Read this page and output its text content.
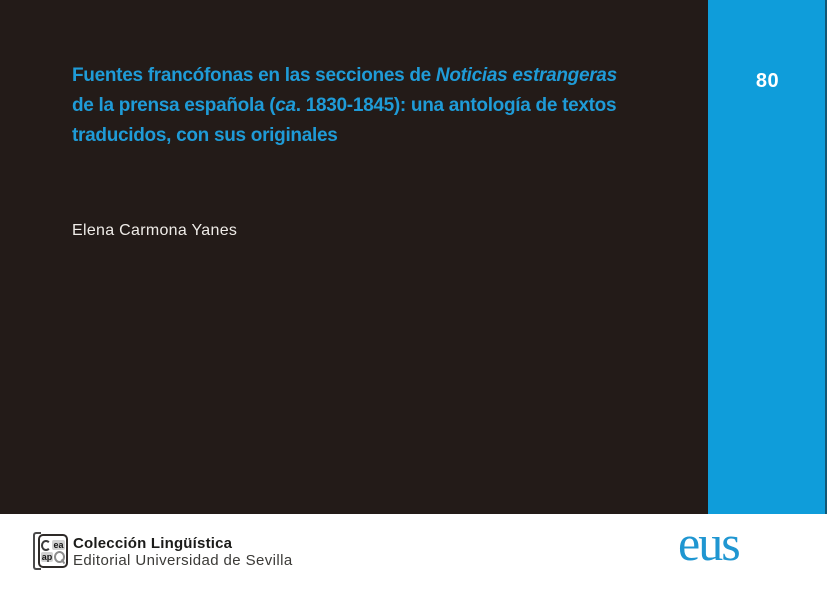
Fuentes francófonas en las secciones de Noticias estrangeras
de la prensa española (ca. 1830-1845): una antología de textos
traducidos, con sus originales
Elena Carmona Yanes
80
ea
ap
Colección Lingüística
Editorial Universidad de Sevilla	eus
